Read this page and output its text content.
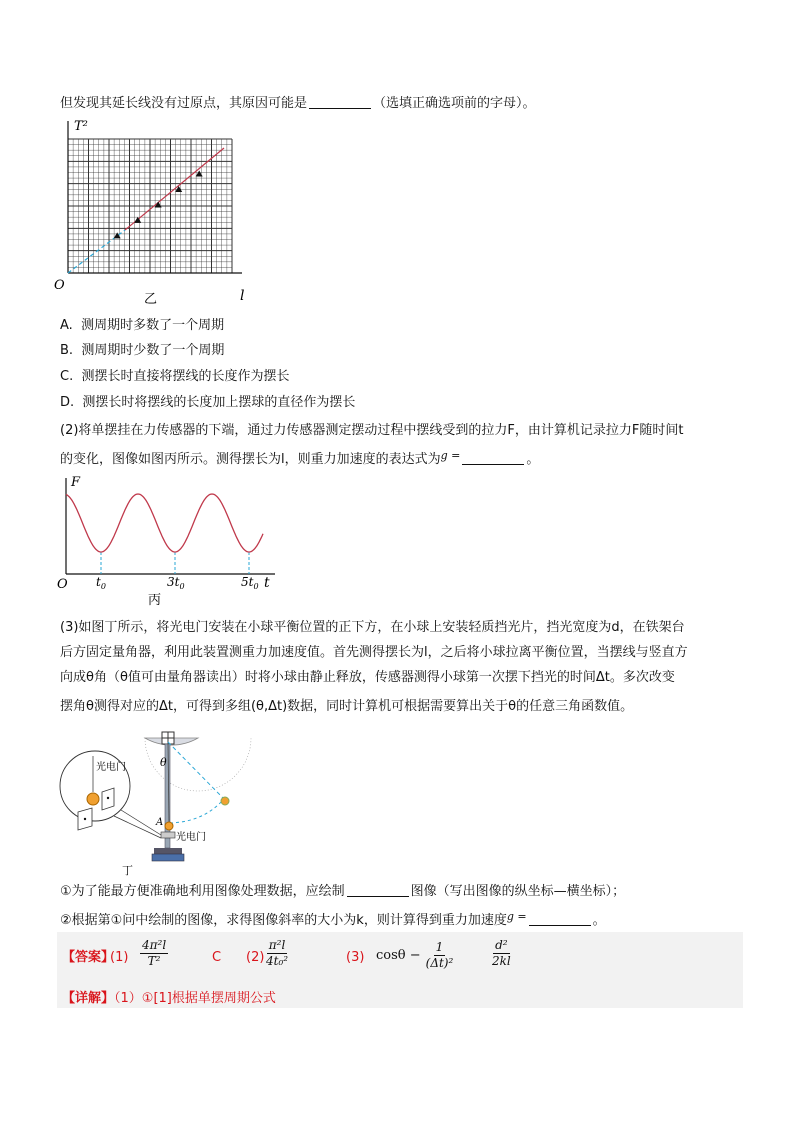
但发现其延长线没有过原点，其原因可能是	（选填正确选项前的字母）。
T²
O
l
乙
A. 测周期时多数了一个周期
B. 测周期时少数了一个周期
C. 测摆长时直接将摆线的长度作为摆长
D. 测摆长时将摆线的长度加上摆球的直径作为摆长
(2)将单摆挂在力传感器的下端，通过力传感器测定摆动过程中摆线受到的拉力F，由计算机记录拉力F随时间t
的变化，图像如图丙所示。测得摆长为l，则重力加速度的表达式为$^{g =}$	。
F
O	t
$t_0$	$3t_0$	$5t_0$
丙
(3)如图丁所示，将光电门安装在小球平衡位置的正下方，在小球上安装轻质挡光片，挡光宽度为d，在铁架台
后方固定量角器，利用此装置测重力加速度值。首先测得摆长为l，之后将小球拉离平衡位置，当摆线与竖直方
向成θ角（θ值可由量角器读出）时将小球由静止释放，传感器测得小球第一次摆下挡光的时间Δt。多次改变
摆角θ测得对应的Δt，可得到多组(θ,Δt)数据，同时计算机可根据需要算出关于θ的任意三角函数值。
θ
A
光电门
光电门
丁
①为了能最方便准确地利用图像处理数据，应绘制	图像（写出图像的纵坐标—横坐标）；
②根据第①问中绘制的图像，求得图像斜率的大小为k，则计算得到重力加速度$^{g =}$	。
【答案】
$(1) \frac{\text{4π²l}}{\text{T²}}$	C $(2) \frac{\text{π²l}}{\text{4t₀²}}$	(3) $\cos\theta - \frac{1}{\text{(Δt)²}}$	$\frac{\text{d²}}{2kl}$
【详解】（1）①[1]根据单摆周期公式
